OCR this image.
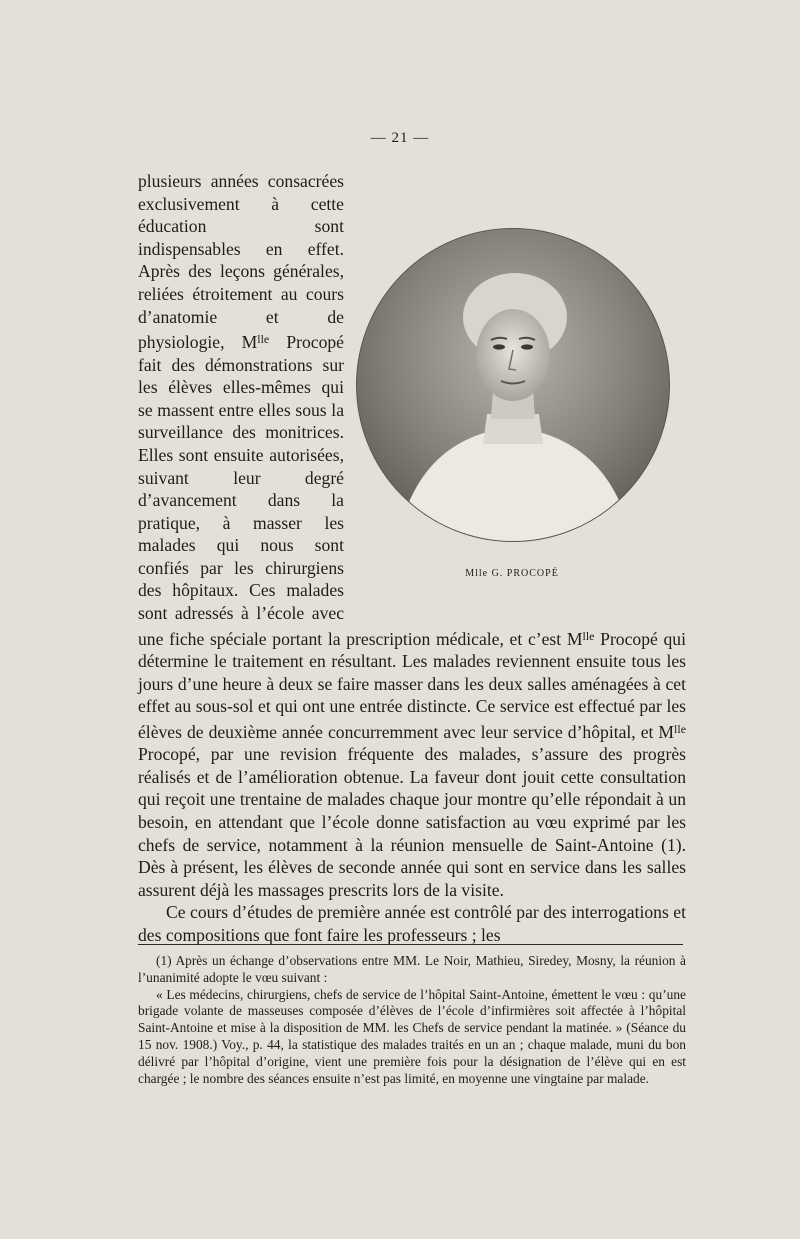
— 21 —
Mlle G. PROCOPÉ

plusieurs années consacrées exclusivement à cette éducation sont indispensables en effet. Après des leçons générales, reliées étroitement au cours d’anatomie et de physiologie, $M^{lle}$ Procopé fait des démonstrations sur les élèves elles-mêmes qui se massent entre elles sous la surveillance des monitrices. Elles sont ensuite autorisées, suivant leur degré d’avancement dans la pratique, à masser les malades qui nous sont confiés par les chirurgiens des hôpitaux. Ces malades sont adressés à l’école avec une fiche spéciale portant la prescription médicale, et c’est $M^{lle}$ Procopé qui détermine le traitement en résultant. Les malades reviennent ensuite tous les jours d’une heure à deux se faire masser dans les deux salles aménagées à cet effet au sous-sol et qui ont une entrée distincte. Ce service est effectué par les élèves de deuxième année concurremment avec leur service d’hôpital, et $M^{lle}$ Procopé, par une revision fréquente des malades, s’assure des progrès réalisés et de l’amélioration obtenue. La faveur dont jouit cette consultation qui reçoit une trentaine de malades chaque jour montre qu’elle répondait à un besoin, en attendant que l’école donne satisfaction au vœu exprimé par les chefs de service, notamment à la réunion mensuelle de Saint-Antoine (1). Dès à présent, les élèves de seconde année qui sont en service dans les salles assurent déjà les massages prescrits lors de la visite.

Ce cours d’études de première année est contrôlé par des interrogations et des compositions que font faire les professeurs ; les

(1) Après un échange d’observations entre MM. Le Noir, Mathieu, Siredey, Mosny, la réunion à l’unanimité adopte le vœu suivant :

« Les médecins, chirurgiens, chefs de service de l’hôpital Saint-Antoine, émettent le vœu : qu’une brigade volante de masseuses composée d’élèves de l’école d’infirmières soit affectée à l’hôpital Saint-Antoine et mise à la disposition de MM. les Chefs de service pendant la matinée. » (Séance du 15 nov. 1908.) Voy., p. 44, la statistique des malades traités en un an ; chaque malade, muni du bon délivré par l’hôpital d’origine, vient une première fois pour la désignation de l’élève qui en est chargée ; le nombre des séances ensuite n’est pas limité, en moyenne une vingtaine par malade.
